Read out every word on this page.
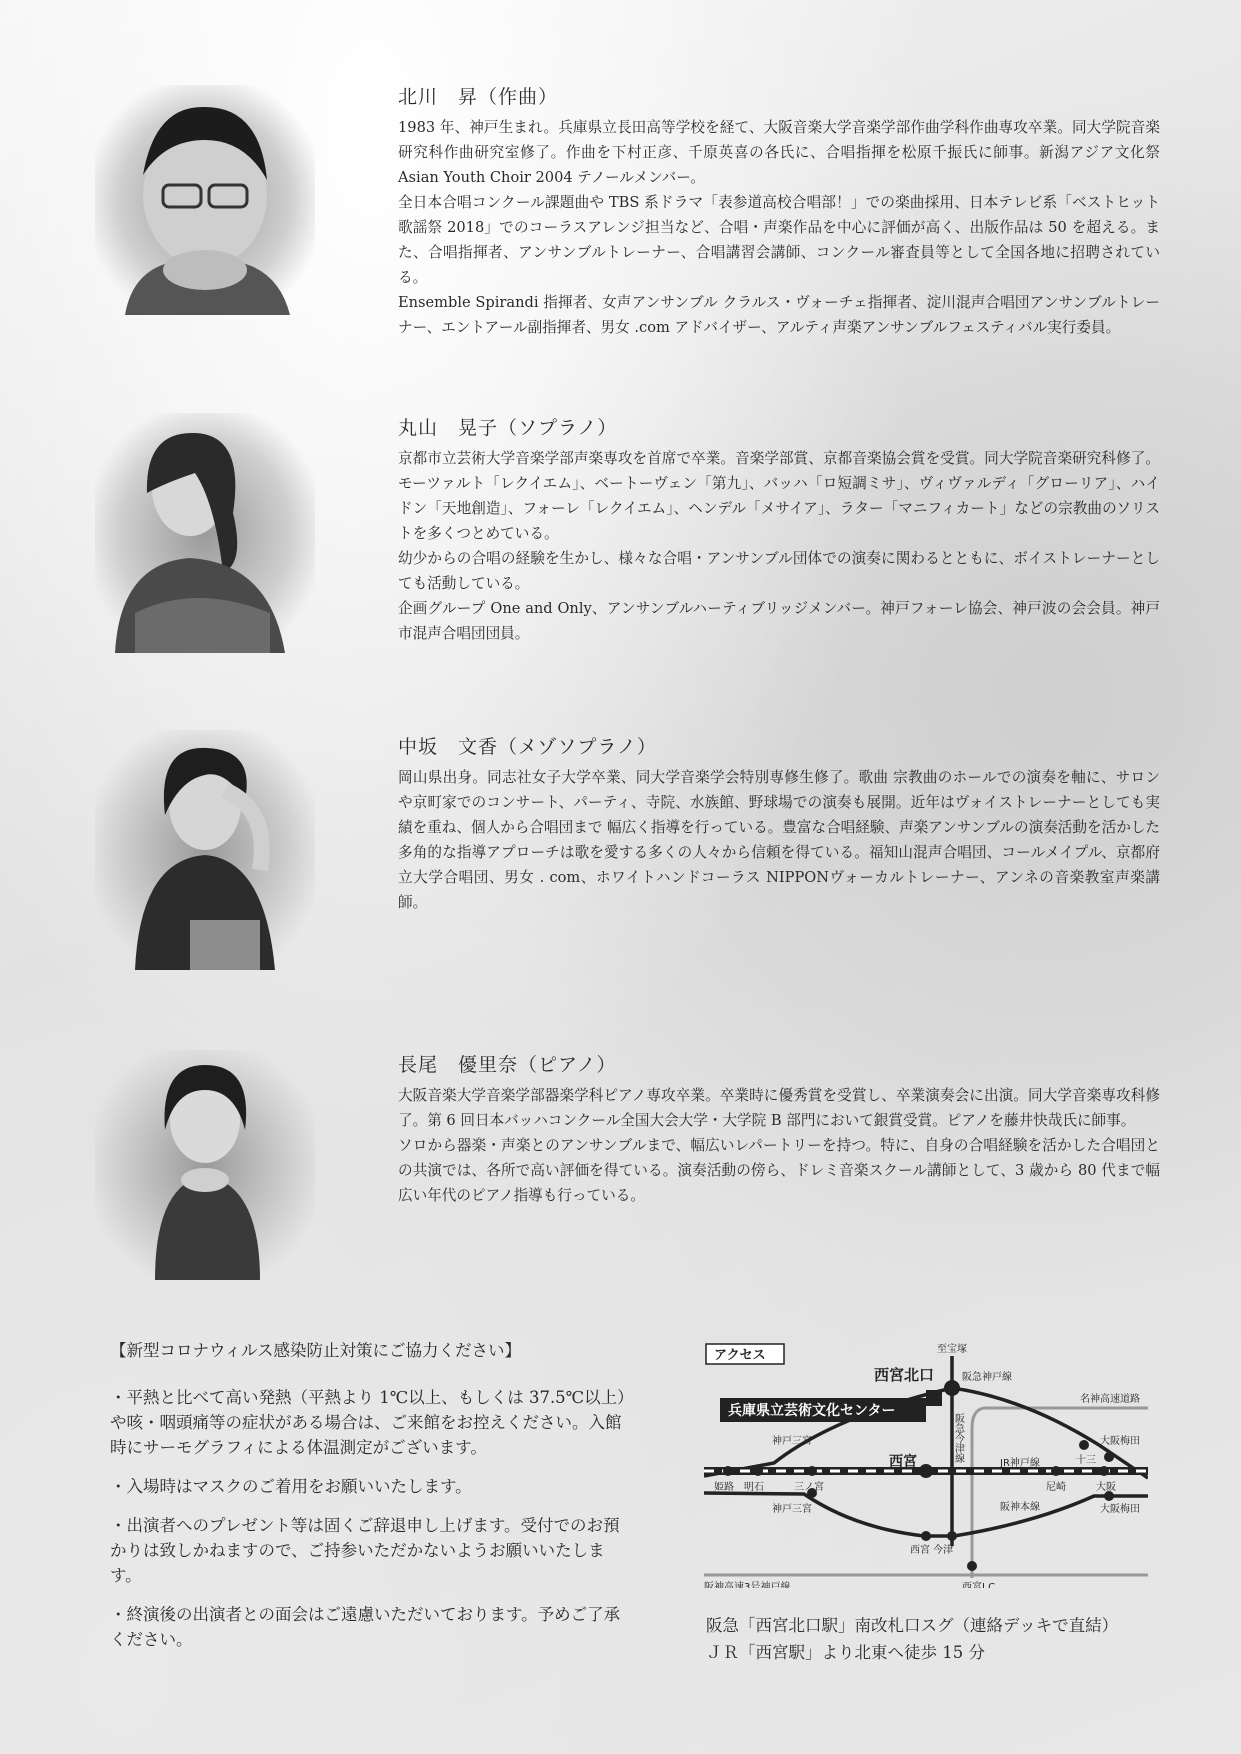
北川　昇（作曲）

1983 年、神戸生まれ。兵庫県立長田高等学校を経て、大阪音楽大学音楽学部作曲学科作曲専攻卒業。同大学院音楽研究科作曲研究室修了。作曲を下村正彦、千原英喜の各氏に、合唱指揮を松原千振氏に師事。新潟アジア文化祭 Asian Youth Choir 2004 テノールメンバー。

全日本合唱コンクール課題曲や TBS 系ドラマ「表参道高校合唱部！」での楽曲採用、日本テレビ系「ベストヒット歌謡祭 2018」でのコーラスアレンジ担当など、合唱・声楽作品を中心に評価が高く、出版作品は 50 を超える。また、合唱指揮者、アンサンブルトレーナー、合唱講習会講師、コンクール審査員等として全国各地に招聘されている。

Ensemble Spirandi 指揮者、女声アンサンブル クラルス・ヴォーチェ指揮者、淀川混声合唱団アンサンブルトレーナー、エントアール副指揮者、男女 .com アドバイザー、アルティ声楽アンサンブルフェスティバル実行委員。

丸山　晃子（ソプラノ）

京都市立芸術大学音楽学部声楽専攻を首席で卒業。音楽学部賞、京都音楽協会賞を受賞。同大学院音楽研究科修了。モーツァルト「レクイエム」、ベートーヴェン「第九」、バッハ「ロ短調ミサ」、ヴィヴァルディ「グローリア」、ハイドン「天地創造」、フォーレ「レクイエム」、ヘンデル「メサイア」、ラター「マニフィカート」などの宗教曲のソリストを多くつとめている。

幼少からの合唱の経験を生かし、様々な合唱・アンサンブル団体での演奏に関わるとともに、ボイストレーナーとしても活動している。

企画グループ One and Only、アンサンブルハーティブリッジメンバー。神戸フォーレ協会、神戸波の会会員。神戸市混声合唱団団員。

中坂　文香（メゾソプラノ）

岡山県出身。同志社女子大学卒業、同大学音楽学会特別専修生修了。歌曲 宗教曲のホールでの演奏を軸に、サロンや京町家でのコンサート、パーティ、寺院、水族館、野球場での演奏も展開。近年はヴォイストレーナーとしても実績を重ね、個人から合唱団まで 幅広く指導を行っている。豊富な合唱経験、声楽アンサンブルの演奏活動を活かした多角的な指導アプローチは歌を愛する多くの人々から信頼を得ている。福知山混声合唱団、コールメイプル、京都府立大学合唱団、男女 . com、ホワイトハンドコーラス NIPPONヴォーカルトレーナー、アンネの音楽教室声楽講師。

長尾　優里奈（ピアノ）

大阪音楽大学音楽学部器楽学科ピアノ専攻卒業。卒業時に優秀賞を受賞し、卒業演奏会に出演。同大学音楽専攻科修了。第 6 回日本バッハコンクール全国大会大学・大学院 B 部門において銀賞受賞。ピアノを藤井快哉氏に師事。

ソロから器楽・声楽とのアンサンブルまで、幅広いレパートリーを持つ。特に、自身の合唱経験を活かした合唱団との共演では、各所で高い評価を得ている。演奏活動の傍ら、ドレミ音楽スクール講師として、3 歳から 80 代まで幅広い年代のピアノ指導も行っている。

【新型コロナウィルス感染防止対策にご協力ください】

・平熱と比べて高い発熱（平熱より 1℃以上、もしくは 37.5℃以上）や咳・咽頭痛等の症状がある場合は、ご来館をお控えください。入館時にサーモグラフィによる体温測定がございます。

・入場時はマスクのご着用をお願いいたします。

・出演者へのプレゼント等は固くご辞退申し上げます。受付でのお預かりは致しかねますので、ご持参いただかないようお願いいたします。

・終演後の出演者との面会はご遠慮いただいております。予めご了承ください。

アクセス
兵庫県立芸術文化センター
至宝塚
西宮北口	阪急神戸線
名神高速道路
阪急今津線
神戸三宮	大阪梅田
十三
西宮	JR神戸線
姫路 明石	三ノ宮	尼崎	大阪
阪神本線
神戸三宮	大阪梅田
西宮 今津
阪神高速3号神戸線	西宮I.C.
阪急「西宮北口駅」南改札口スグ（連絡デッキで直結）
ＪＲ「西宮駅」より北東へ徒歩 15 分
